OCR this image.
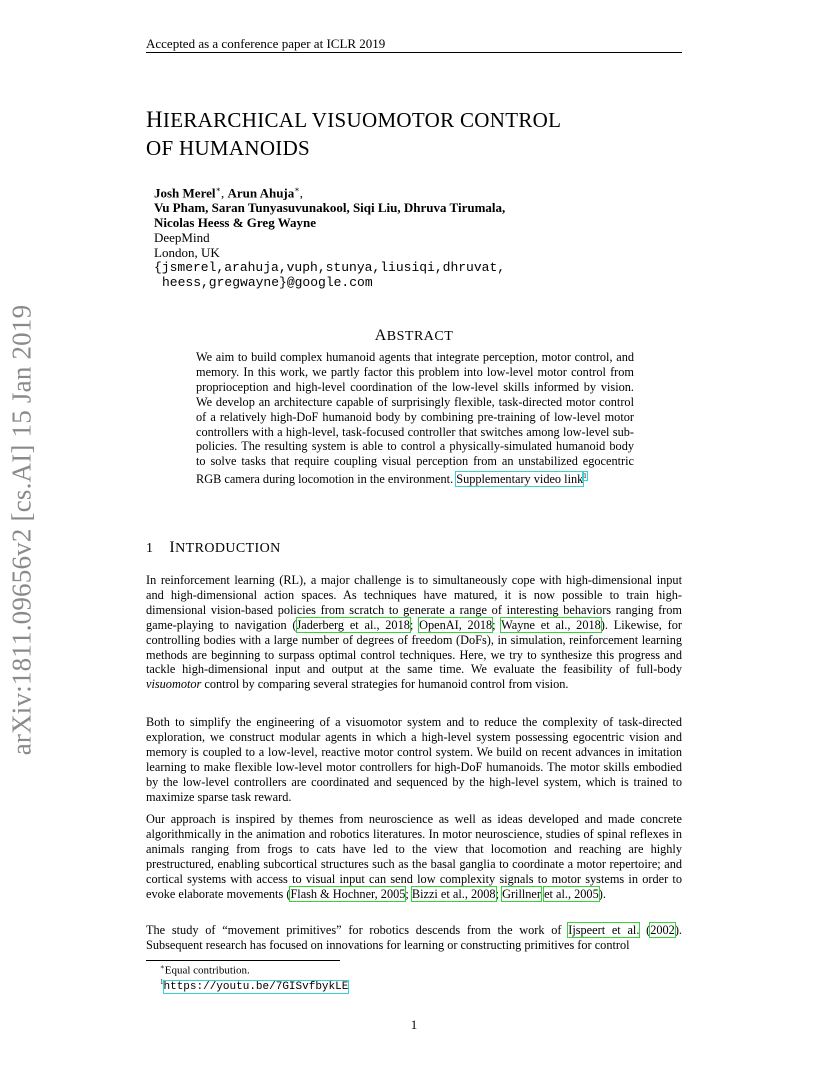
Accepted as a conference paper at ICLR 2019
arXiv:1811.09656v2 [cs.AI] 15 Jan 2019
HIERARCHICAL VISUOMOTOR CONTROL
OF HUMANOIDS
Josh Merel∗, Arun Ahuja∗,
Vu Pham, Saran Tunyasuvunakool, Siqi Liu, Dhruva Tirumala,
Nicolas Heess & Greg Wayne
DeepMind
London, UK
{jsmerel,arahuja,vuph,stunya,liusiqi,dhruvat,
heess,gregwayne}@google.com
ABSTRACT
We aim to build complex humanoid agents that integrate perception, motor control, and memory. In this work, we partly factor this problem into low-level motor control from proprioception and high-level coordination of the low-level skills informed by vision. We develop an architecture capable of surprisingly flexible, task-directed motor control of a relatively high-DoF humanoid body by combining pre-training of low-level motor controllers with a high-level, task-focused controller that switches among low-level sub-policies. The resulting system is able to control a physically-simulated humanoid body to solve tasks that require coupling visual perception from an unstabilized egocentric RGB camera during locomotion in the environment. Supplementary video link$^1$
1 INTRODUCTION
In reinforcement learning (RL), a major challenge is to simultaneously cope with high-dimensional input and high-dimensional action spaces. As techniques have matured, it is now possible to train high-dimensional vision-based policies from scratch to generate a range of interesting behaviors ranging from game-playing to navigation (Jaderberg et al., 2018; OpenAI, 2018; Wayne et al., 2018). Likewise, for controlling bodies with a large number of degrees of freedom (DoFs), in simulation, reinforcement learning methods are beginning to surpass optimal control techniques. Here, we try to synthesize this progress and tackle high-dimensional input and output at the same time. We evaluate the feasibility of full-body visuomotor control by comparing several strategies for humanoid control from vision.
Both to simplify the engineering of a visuomotor system and to reduce the complexity of task-directed exploration, we construct modular agents in which a high-level system possessing egocentric vision and memory is coupled to a low-level, reactive motor control system. We build on recent advances in imitation learning to make flexible low-level motor controllers for high-DoF humanoids. The motor skills embodied by the low-level controllers are coordinated and sequenced by the high-level system, which is trained to maximize sparse task reward.
Our approach is inspired by themes from neuroscience as well as ideas developed and made concrete algorithmically in the animation and robotics literatures. In motor neuroscience, studies of spinal reflexes in animals ranging from frogs to cats have led to the view that locomotion and reaching are highly prestructured, enabling subcortical structures such as the basal ganglia to coordinate a motor repertoire; and cortical systems with access to visual input can send low complexity signals to motor systems in order to evoke elaborate movements (Flash & Hochner, 2005; Bizzi et al., 2008; Grillner et al., 2005).
The study of “movement primitives” for robotics descends from the work of Ijspeert et al. (2002). Subsequent research has focused on innovations for learning or constructing primitives for control
∗Equal contribution.
$^1$https://youtu.be/7GISvfbykLE
1
